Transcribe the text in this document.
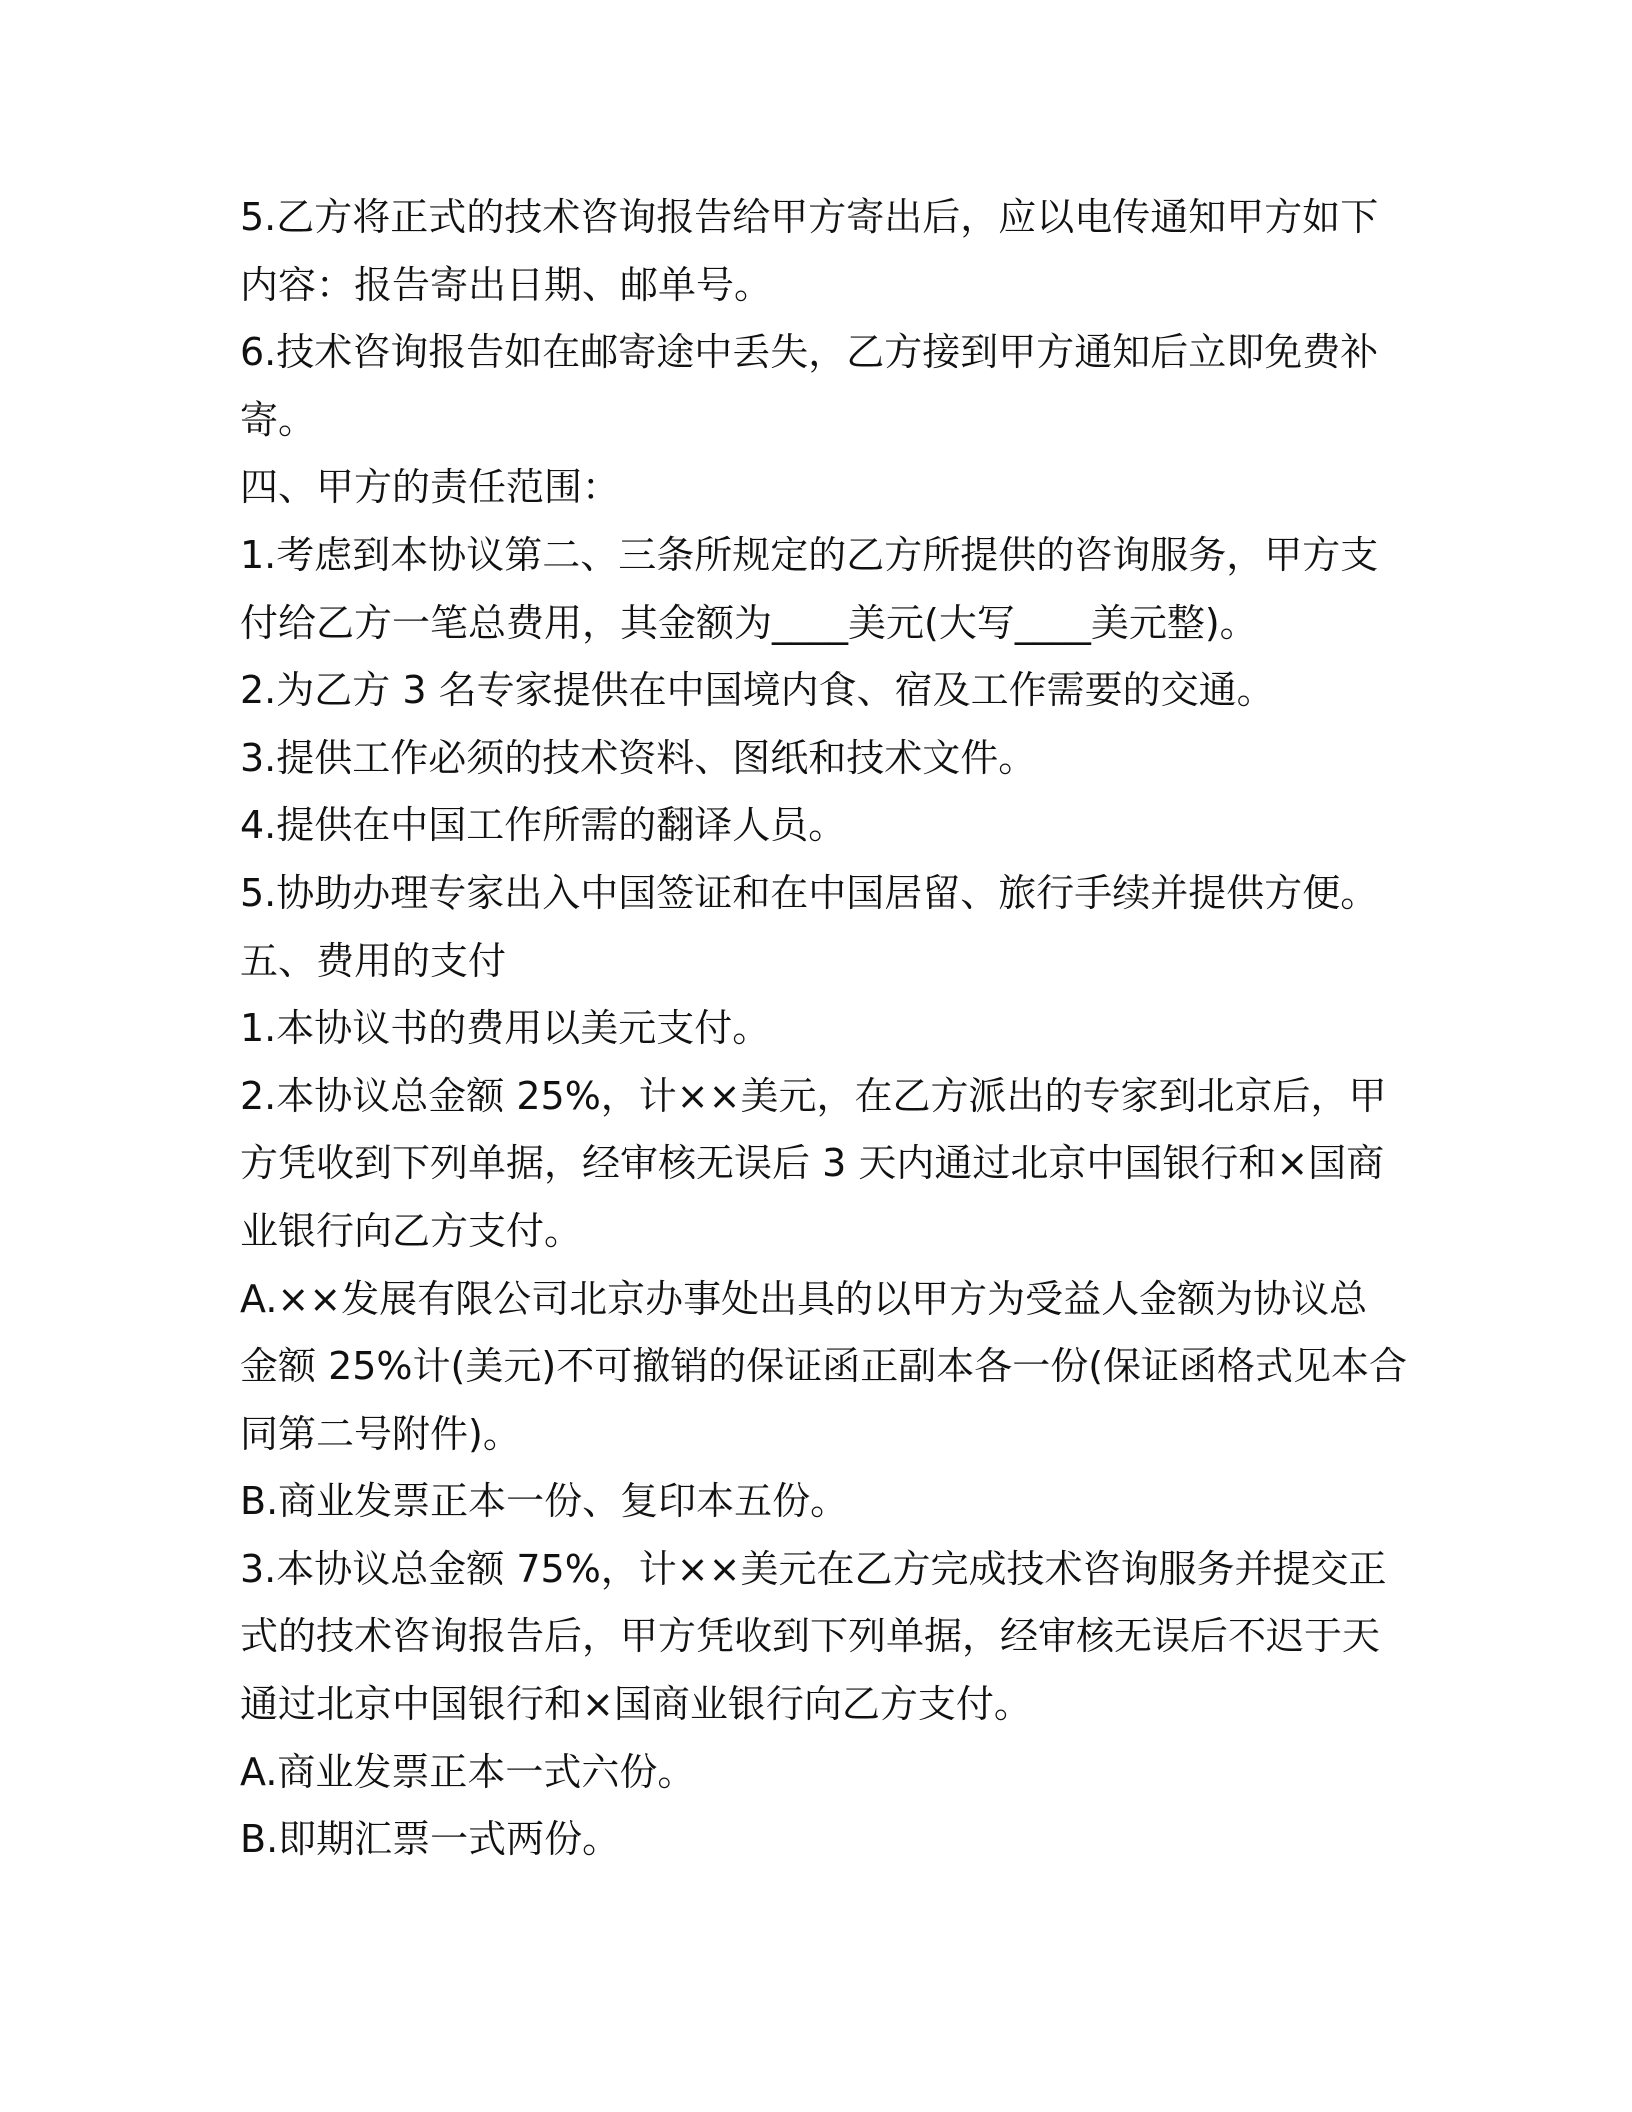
5.乙方将正式的技术咨询报告给甲方寄出后，应以电传通知甲方如下
内容：报告寄出日期、邮单号。
6.技术咨询报告如在邮寄途中丢失，乙方接到甲方通知后立即免费补
寄。
四、甲方的责任范围：
1.考虑到本协议第二、三条所规定的乙方所提供的咨询服务，甲方支
付给乙方一笔总费用，其金额为____美元(大写____美元整)。
2.为乙方 3 名专家提供在中国境内食、宿及工作需要的交通。
3.提供工作必须的技术资料、图纸和技术文件。
4.提供在中国工作所需的翻译人员。
5.协助办理专家出入中国签证和在中国居留、旅行手续并提供方便。
五、费用的支付
1.本协议书的费用以美元支付。
2.本协议总金额 25%，计××美元，在乙方派出的专家到北京后，甲
方凭收到下列单据，经审核无误后 3 天内通过北京中国银行和×国商
业银行向乙方支付。
A.××发展有限公司北京办事处出具的以甲方为受益人金额为协议总
金额 25%计(美元)不可撤销的保证函正副本各一份(保证函格式见本合
同第二号附件)。
B.商业发票正本一份、复印本五份。
3.本协议总金额 75%，计××美元在乙方完成技术咨询服务并提交正
式的技术咨询报告后，甲方凭收到下列单据，经审核无误后不迟于天
通过北京中国银行和×国商业银行向乙方支付。
A.商业发票正本一式六份。
B.即期汇票一式两份。
